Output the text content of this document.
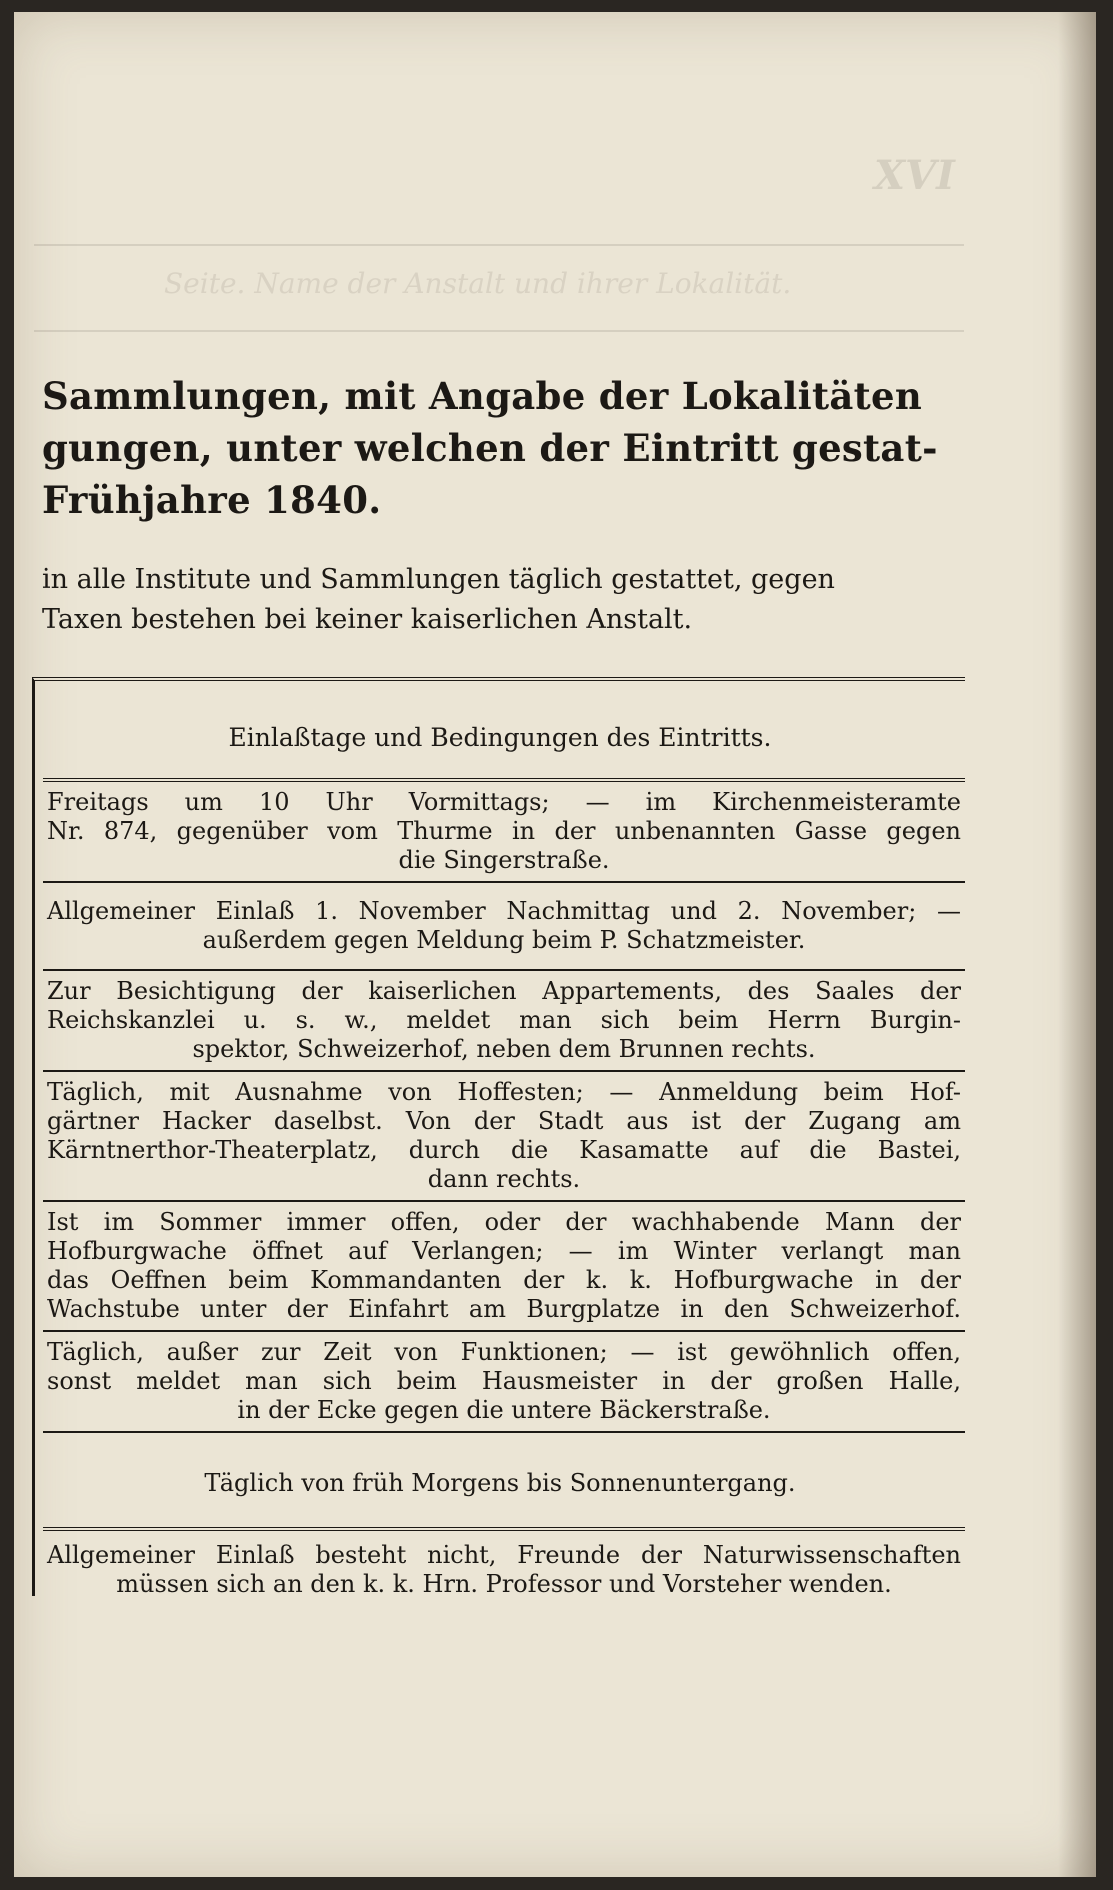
XVI
Seite. Name der Anstalt und ihrer Lokalität.
Sammlungen, mit Angabe der Lokalitäten
gungen, unter welchen der Eintritt gestat-
Frühjahre 1840.
in alle Institute und Sammlungen täglich gestattet, gegen
Taxen bestehen bei keiner kaiserlichen Anstalt.
Einlaßtage und Bedingungen des Eintritts.
Freitags um 10 Uhr Vormittags; — im Kirchenmeisteramte
Nr. 874, gegenüber vom Thurme in der unbenannten Gasse gegen
die Singerstraße.
Allgemeiner Einlaß 1. November Nachmittag und 2. November; —
außerdem gegen Meldung beim P. Schatzmeister.
Zur Besichtigung der kaiserlichen Appartements, des Saales der
Reichskanzlei u. s. w., meldet man sich beim Herrn Burgin-
spektor, Schweizerhof, neben dem Brunnen rechts.
Täglich, mit Ausnahme von Hoffesten; — Anmeldung beim Hof-
gärtner Hacker daselbst. Von der Stadt aus ist der Zugang am
Kärntnerthor-Theaterplatz, durch die Kasamatte auf die Bastei,
dann rechts.
Ist im Sommer immer offen, oder der wachhabende Mann der
Hofburgwache öffnet auf Verlangen; — im Winter verlangt man
das Oeffnen beim Kommandanten der k. k. Hofburgwache in der
Wachstube unter der Einfahrt am Burgplatze in den Schweizerhof.
Täglich, außer zur Zeit von Funktionen; — ist gewöhnlich offen,
sonst meldet man sich beim Hausmeister in der großen Halle,
in der Ecke gegen die untere Bäckerstraße.
Täglich von früh Morgens bis Sonnenuntergang.
Allgemeiner Einlaß besteht nicht, Freunde der Naturwissenschaften
müssen sich an den k. k. Hrn. Professor und Vorsteher wenden.
